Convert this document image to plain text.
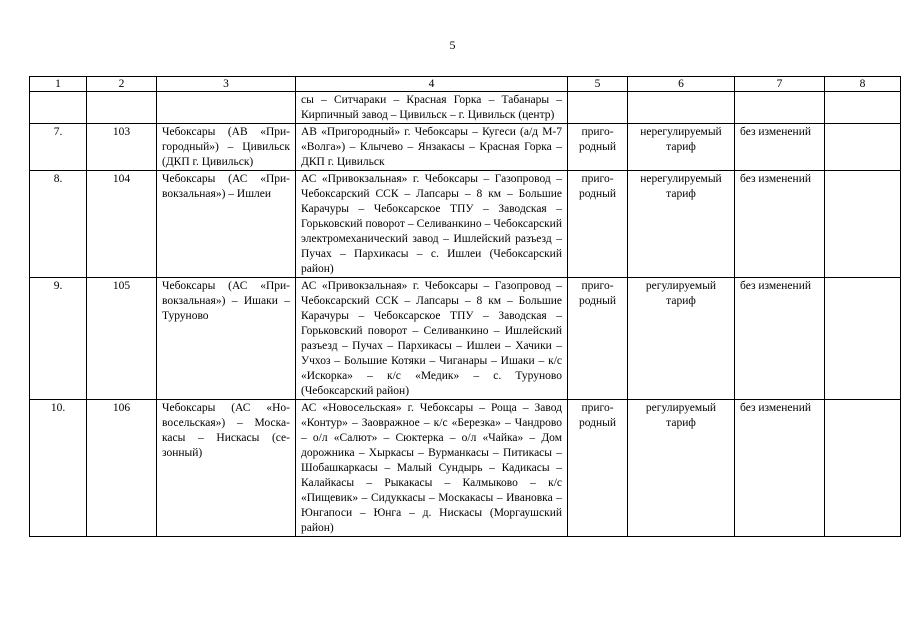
5
1	2	3	4	5	6	7	8
			сы – Ситчараки – Красная Горка – Табанары – Кирпичный завод – Цивильск – г. Цивильск (центр)				
7.	103	Чебоксары (АВ «Пригородный») – Цивильск (ДКП г. Цивильск)	АВ «Пригородный» г. Чебоксары – Кугеси (а/д М-7 «Волга») – Клычево – Янзакасы – Красная Горка – ДКП г. Цивильск	пригородный	нерегулируемый тариф	без изменений	
8.	104	Чебоксары (АС «Привокзальная») – Ишлеи	АС «Привокзальная» г. Чебоксары – Газопровод – Чебоксарский ССК – Лапсары – 8 км – Большие Карачуры – Чебоксарское ТПУ – Заводская – Горьковский поворот – Селиванкино – Чебоксарский электромеханический завод – Ишлейский разъезд – Пучах – Пархикасы – с. Ишлеи (Чебоксарский район)	пригородный	нерегулируемый тариф	без изменений	
9.	105	Чебоксары (АС «Привокзальная») – Ишаки – Туруново	АС «Привокзальная» г. Чебоксары – Газопровод – Чебоксарский ССК – Лапсары – 8 км – Большие Карачуры – Чебоксарское ТПУ – Заводская – Горьковский поворот – Селиванкино – Ишлейский разъезд – Пучах – Пархикасы – Ишлеи – Хачики – Учхоз – Большие Котяки – Чиганары – Ишаки – к/с «Искорка» – к/с «Медик» – с. Туруново (Чебоксарский район)	пригородный	регулируемый тариф	без изменений	
10.	106	Чебоксары (АС «Новосельская») – Москакасы – Нискасы (сезонный)	АС «Новосельская» г. Чебоксары – Роща – Завод «Контур» – Заовражное – к/с «Березка» – Чандрово – о/л «Салют» – Сюктерка – о/л «Чайка» – Дом дорожника – Хыркасы – Вурманкасы – Питикасы – Шобашкаркасы – Малый Сундырь – Кадикасы – Калайкасы – Рыкакасы – Калмыково – к/с «Пищевик» – Сидуккасы – Москакасы – Ивановка – Юнгапоси – Юнга – д. Нискасы (Моргаушский район)	пригородный	регулируемый тариф	без изменений	
